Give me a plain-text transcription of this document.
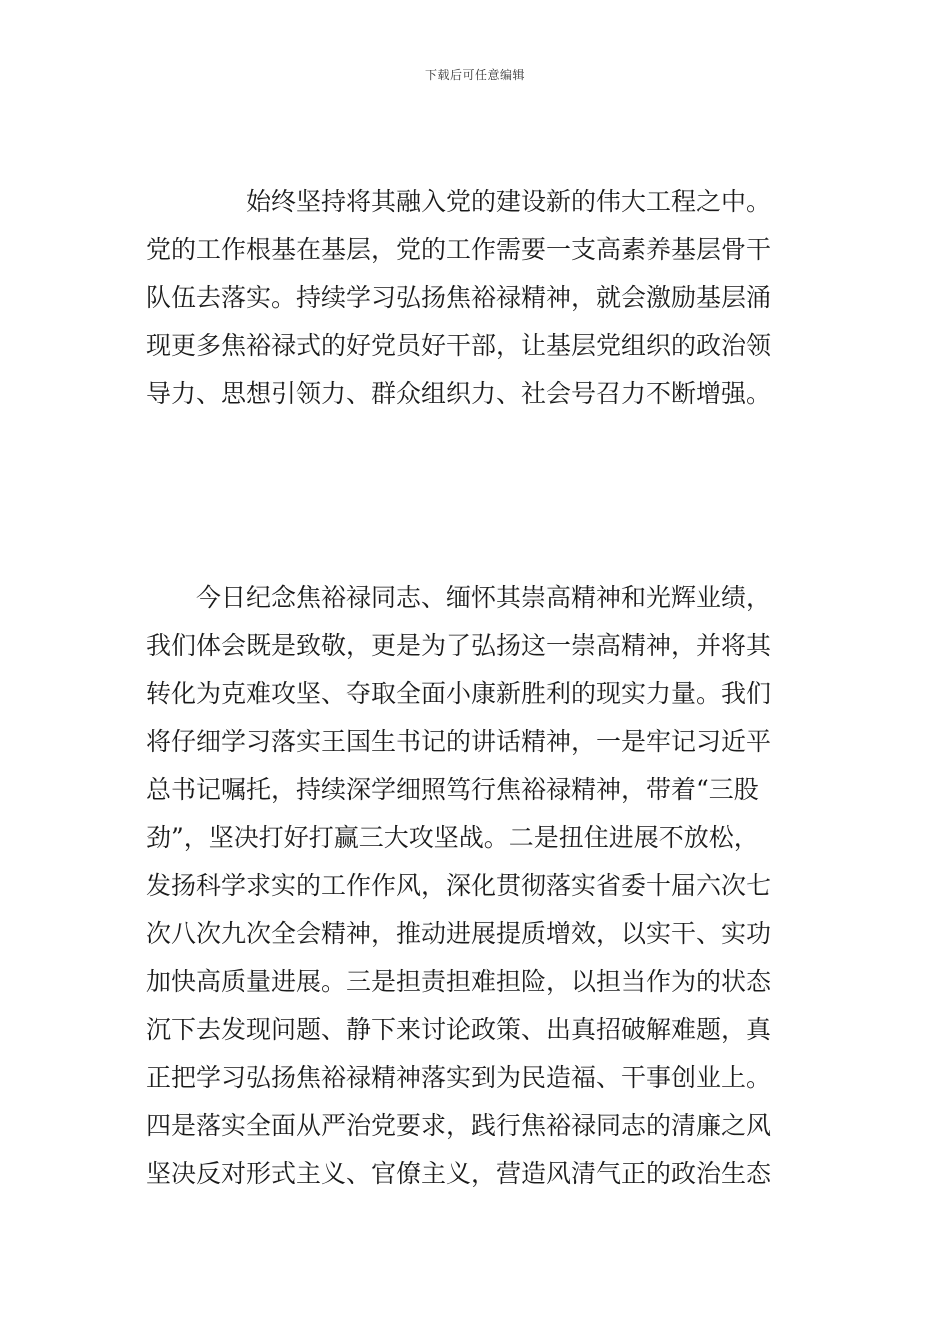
下载后可任意编辑
始终坚持将其融入党的建设新的伟大工程之中。
党的工作根基在基层，党的工作需要一支高素养基层骨干
队伍去落实。持续学习弘扬焦裕禄精神，就会激励基层涌
现更多焦裕禄式的好党员好干部，让基层党组织的政治领
导力、思想引领力、群众组织力、社会号召力不断增强。
今日纪念焦裕禄同志、缅怀其崇高精神和光辉业绩，
我们体会既是致敬，更是为了弘扬这一崇高精神，并将其
转化为克难攻坚、夺取全面小康新胜利的现实力量。我们
将仔细学习落实王国生书记的讲话精神，一是牢记习近平
总书记嘱托，持续深学细照笃行焦裕禄精神，带着“三股
劲”，坚决打好打赢三大攻坚战。二是扭住进展不放松，
发扬科学求实的工作作风，深化贯彻落实省委十届六次七
次八次九次全会精神，推动进展提质增效，以实干、实功
加快高质量进展。三是担责担难担险，以担当作为的状态
沉下去发现问题、静下来讨论政策、出真招破解难题，真
正把学习弘扬焦裕禄精神落实到为民造福、干事创业上。
四是落实全面从严治党要求，践行焦裕禄同志的清廉之风
坚决反对形式主义、官僚主义，营造风清气正的政治生态
